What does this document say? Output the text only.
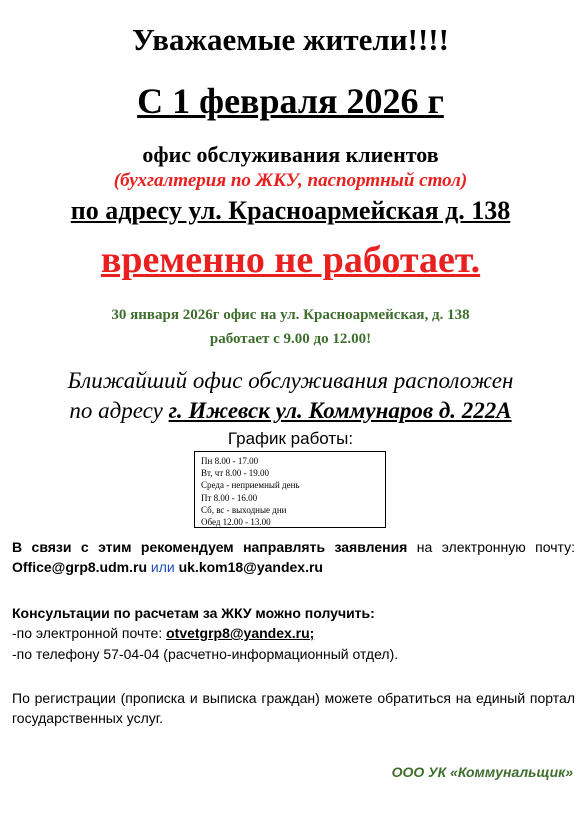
Уважаемые жители!!!!
С 1 февраля 2026 г
офис обслуживания клиентов
(бухгалтерия по ЖКУ, паспортный стол)
по адресу ул. Красноармейская д. 138
временно не работает.
30 января 2026г офис на ул. Красноармейская, д. 138
работает с 9.00 до 12.00!
Ближайший офис обслуживания расположен
по адресу г. Ижевск ул. Коммунаров д. 222А
График работы:
Пн 8.00 - 17.00
Вт, чт 8.00 - 19.00
Среда - неприемный день
Пт 8.00 - 16.00
Сб, вс - выходные дни
Обед 12.00 - 13.00
В связи с этим рекомендуем направлять заявления на электронную почту: Office@grp8.udm.ru или uk.kom18@yandex.ru
Консультации по расчетам за ЖКУ можно получить:
-по электронной почте: otvetgrp8@yandex.ru;
-по телефону 57-04-04 (расчетно-информационный отдел).
По регистрации (прописка и выписка граждан) можете обратиться на единый портал государственных услуг.
ООО УК «Коммунальщик»
